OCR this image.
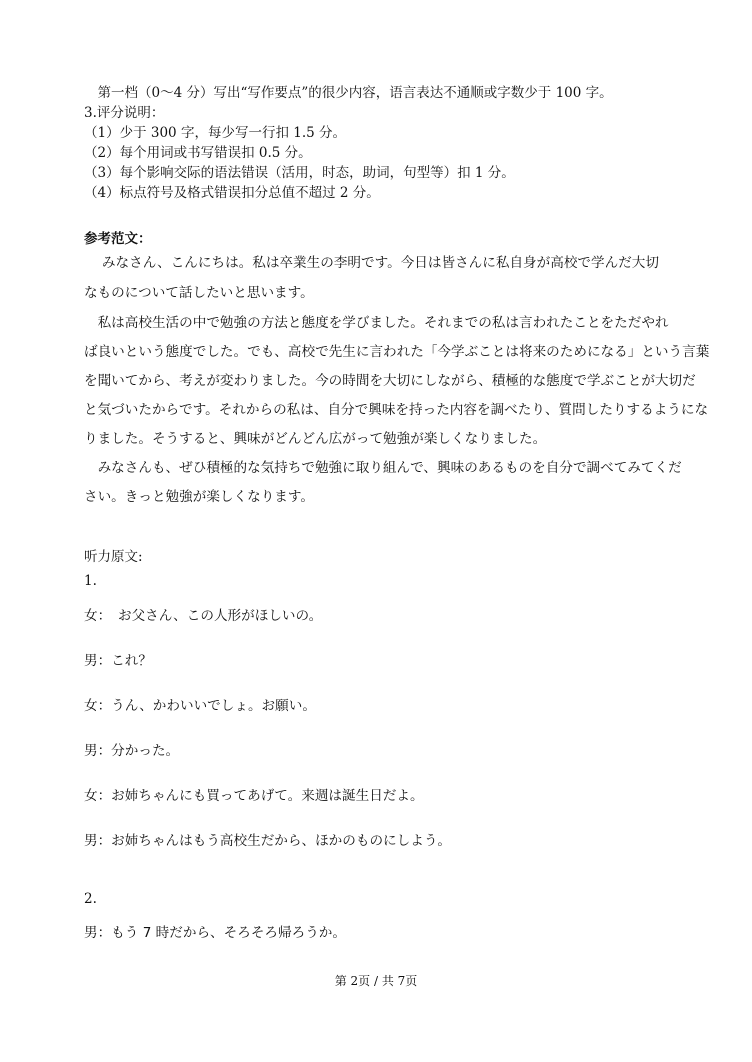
　第一档（0～4 分）写出“写作要点”的很少内容，语言表达不通顺或字数少于 100 字。
3.评分说明：
（1）少于 300 字，每少写一行扣 1.5 分。
（2）每个用词或书写错误扣 0.5 分。
（3）每个影响交际的语法错误（活用，时态，助词，句型等）扣 1 分。
（4）标点符号及格式错误扣分总值不超过 2 分。
参考范文：
　 みなさん、こんにちは。私は卒業生の李明です。今日は皆さんに私自身が高校で学んだ大切
なものについて話したいと思います。
　私は高校生活の中で勉強の方法と態度を学びました。それまでの私は言われたことをただやれ
ば良いという態度でした。でも、高校で先生に言われた「今学ぶことは将来のためになる」という言葉
を聞いてから、考えが変わりました。今の時間を大切にしながら、積極的な態度で学ぶことが大切だ
と気づいたからです。それからの私は、自分で興味を持った内容を調べたり、質問したりするようにな
りました。そうすると、興味がどんどん広がって勉強が楽しくなりました。
　みなさんも、ぜひ積極的な気持ちで勉強に取り組んで、興味のあるものを自分で調べてみてくだ
さい。きっと勉強が楽しくなります。
听力原文:
1.
女：　お父さん、この人形がほしいの。
男：これ？
女：うん、かわいいでしょ。お願い。
男：分かった。
女：お姉ちゃんにも買ってあげて。来週は誕生日だよ。
男：お姉ちゃんはもう高校生だから、ほかのものにしよう。
2.
男：もう 7 時だから、そろそろ帰ろうか。
第 2页 / 共 7页
